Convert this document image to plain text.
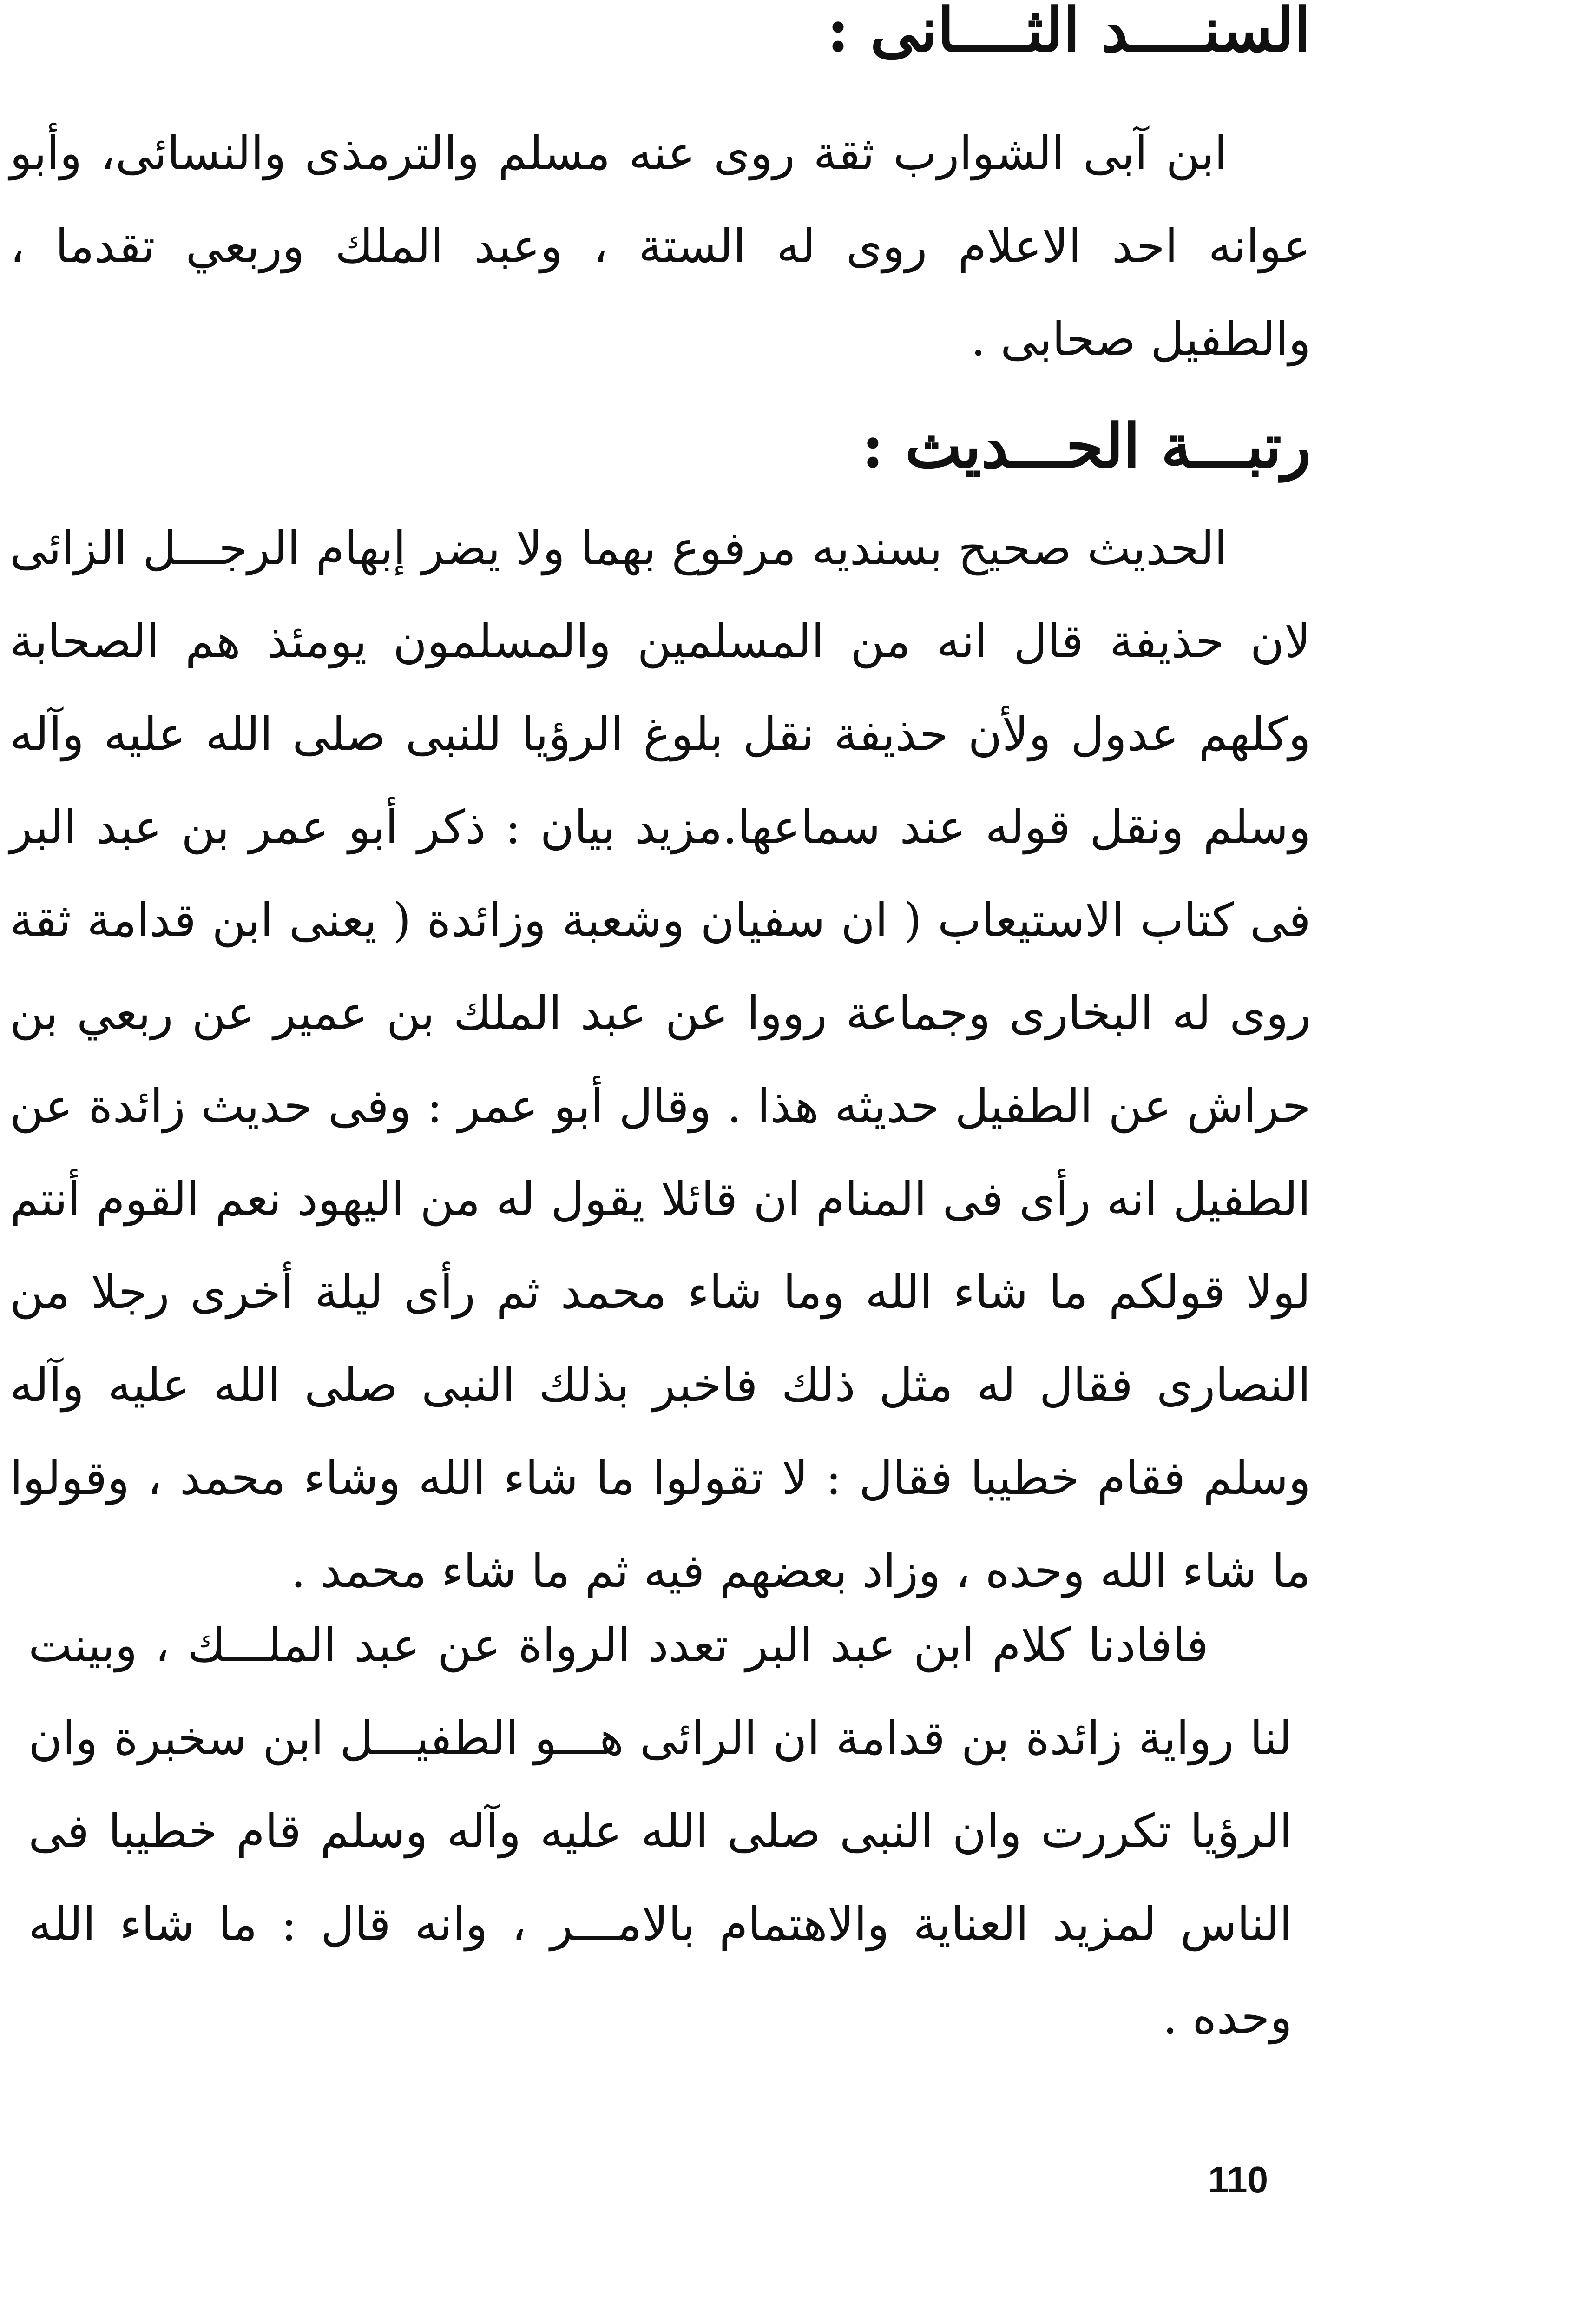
السنــــد الثــــانى :

ابن آبى الشوارب ثقة روى عنه مسلم والترمذى والنسائى، وأبو عوانه احد الاعلام روى له الستة ، وعبد الملك وربعي تقدما ، والطفيل صحابى .

رتبـــة الحـــديث :

الحديث صحيح بسنديه مرفوع بهما ولا يضر إبهام الرجـــل الزائى لان حذيفة قال انه من المسلمين والمسلمون يومئذ هم الصحابة وكلهم عدول ولأن حذيفة نقل بلوغ الرؤيا للنبى صلى الله عليه وآله وسلم ونقل قوله عند سماعها.مزيد بيان : ذكر أبو عمر بن عبد البر فى كتاب الاستيعاب ( ان سفيان وشعبة وزائدة ( يعنى ابن قدامة ثقة روى له البخارى وجماعة رووا عن عبد الملك بن عمير عن ربعي بن حراش عن الطفيل حديثه هذا . وقال أبو عمر : وفى حديث زائدة عن الطفيل انه رأى فى المنام ان قائلا يقول له من اليهود نعم القوم أنتم لولا قولكم ما شاء الله وما شاء محمد ثم رأى ليلة أخرى رجلا من النصارى فقال له مثل ذلك فاخبر بذلك النبى صلى الله عليه وآله وسلم فقام خطيبا فقال : لا تقولوا ما شاء الله وشاء محمد ، وقولوا ما شاء الله وحده ، وزاد بعضهم فيه ثم ما شاء محمد .

فافادنا كلام ابن عبد البر تعدد الرواة عن عبد الملـــك ، وبينت لنا رواية زائدة بن قدامة ان الرائى هـــو الطفيـــل ابن سخبرة وان الرؤيا تكررت وان النبى صلى الله عليه وآله وسلم قام خطيبا فى الناس لمزيد العناية والاهتمام بالامـــر ، وانه قال : ما شاء الله وحده .

110
